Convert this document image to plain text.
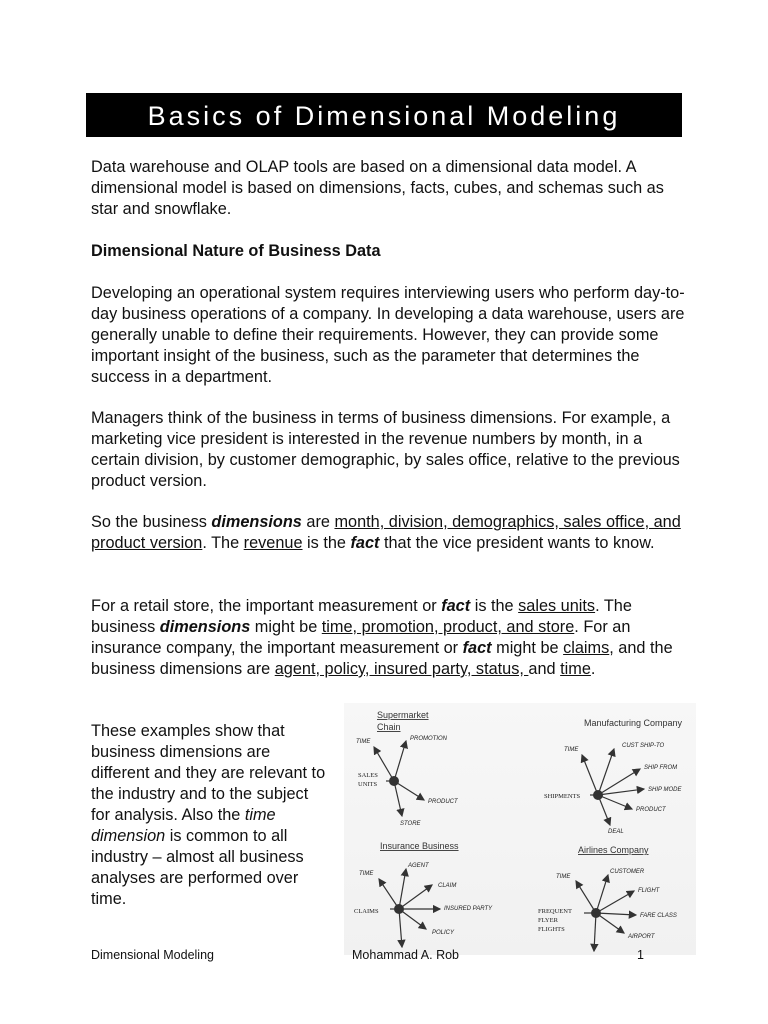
Basics of Dimensional Modeling

Data warehouse and OLAP tools are based on a dimensional data model. A dimensional model is based on dimensions, facts, cubes, and schemas such as star and snowflake.

Dimensional Nature of Business Data

Developing an operational system requires interviewing users who perform day-to-day business operations of a company. In developing a data warehouse, users are generally unable to define their requirements. However, they can provide some important insight of the business, such as the parameter that determines the success in a department.

Managers think of the business in terms of business dimensions. For example, a marketing vice president is interested in the revenue numbers by month, in a certain division, by customer demographic, by sales office, relative to the previous product version.

So the business dimensions are month, division, demographics, sales office, and product version. The revenue is the fact that the vice president wants to know.

For a retail store, the important measurement or fact is the sales units. The business dimensions might be time, promotion, product, and store. For an insurance company, the important measurement or fact might be claims, and the business dimensions are agent, policy, insured party, status, and time.

These examples show that business dimensions are different and they are relevant to the industry and to the subject for analysis. Also the time dimension is common to all industry – almost all business analyses are performed over time.

Supermarket
Chain
TIME	PROMOTION
PRODUCT
STORE
SALES
UNITS
Manufacturing Company
TIME
CUST SHIP-TO
SHIP FROM
SHIP MODE
PRODUCT
DEAL
SHIPMENTS
Insurance Business
TIME
AGENT
CLAIM
INSURED PARTY
POLICY
CLAIMS
Airlines Company
TIME
CUSTOMER
FLIGHT
FARE CLASS
AIRPORT
FREQUENT
FLYER
FLIGHTS
Dimensional Modeling	Mohammad A. Rob	1
